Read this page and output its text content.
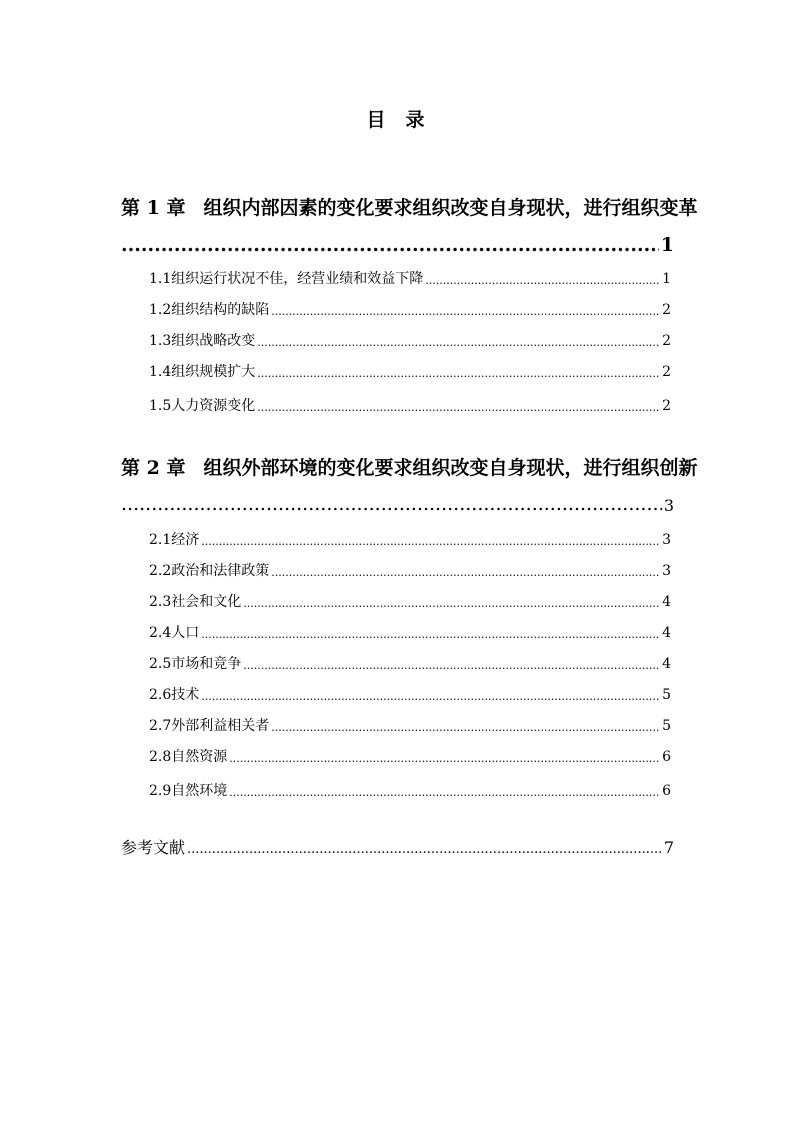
目 录
第 1 章 组织内部因素的变化要求组织改变自身现状，进行组织变革
.....
1
1.1 组织运行状况不佳，经营业绩和效益下降 .....	1
1.2 组织结构的缺陷 .....	2
1.3 组织战略改变 .....	2
1.4 组织规模扩大 .....	2
1.5 人力资源变化 .....	2
第 2 章 组织外部环境的变化要求组织改变自身现状，进行组织创新
.....
3
2.1 经济 .....	3
2.2 政治和法律政策 .....	3
2.3 社会和文化 .....	4
2.4 人口 .....	4
2.5 市场和竞争 .....	4
2.6 技术 .....	5
2.7 外部利益相关者 .....	5
2.8 自然资源 .....	6
2.9 自然环境 .....	6
参考文献 .....	7
